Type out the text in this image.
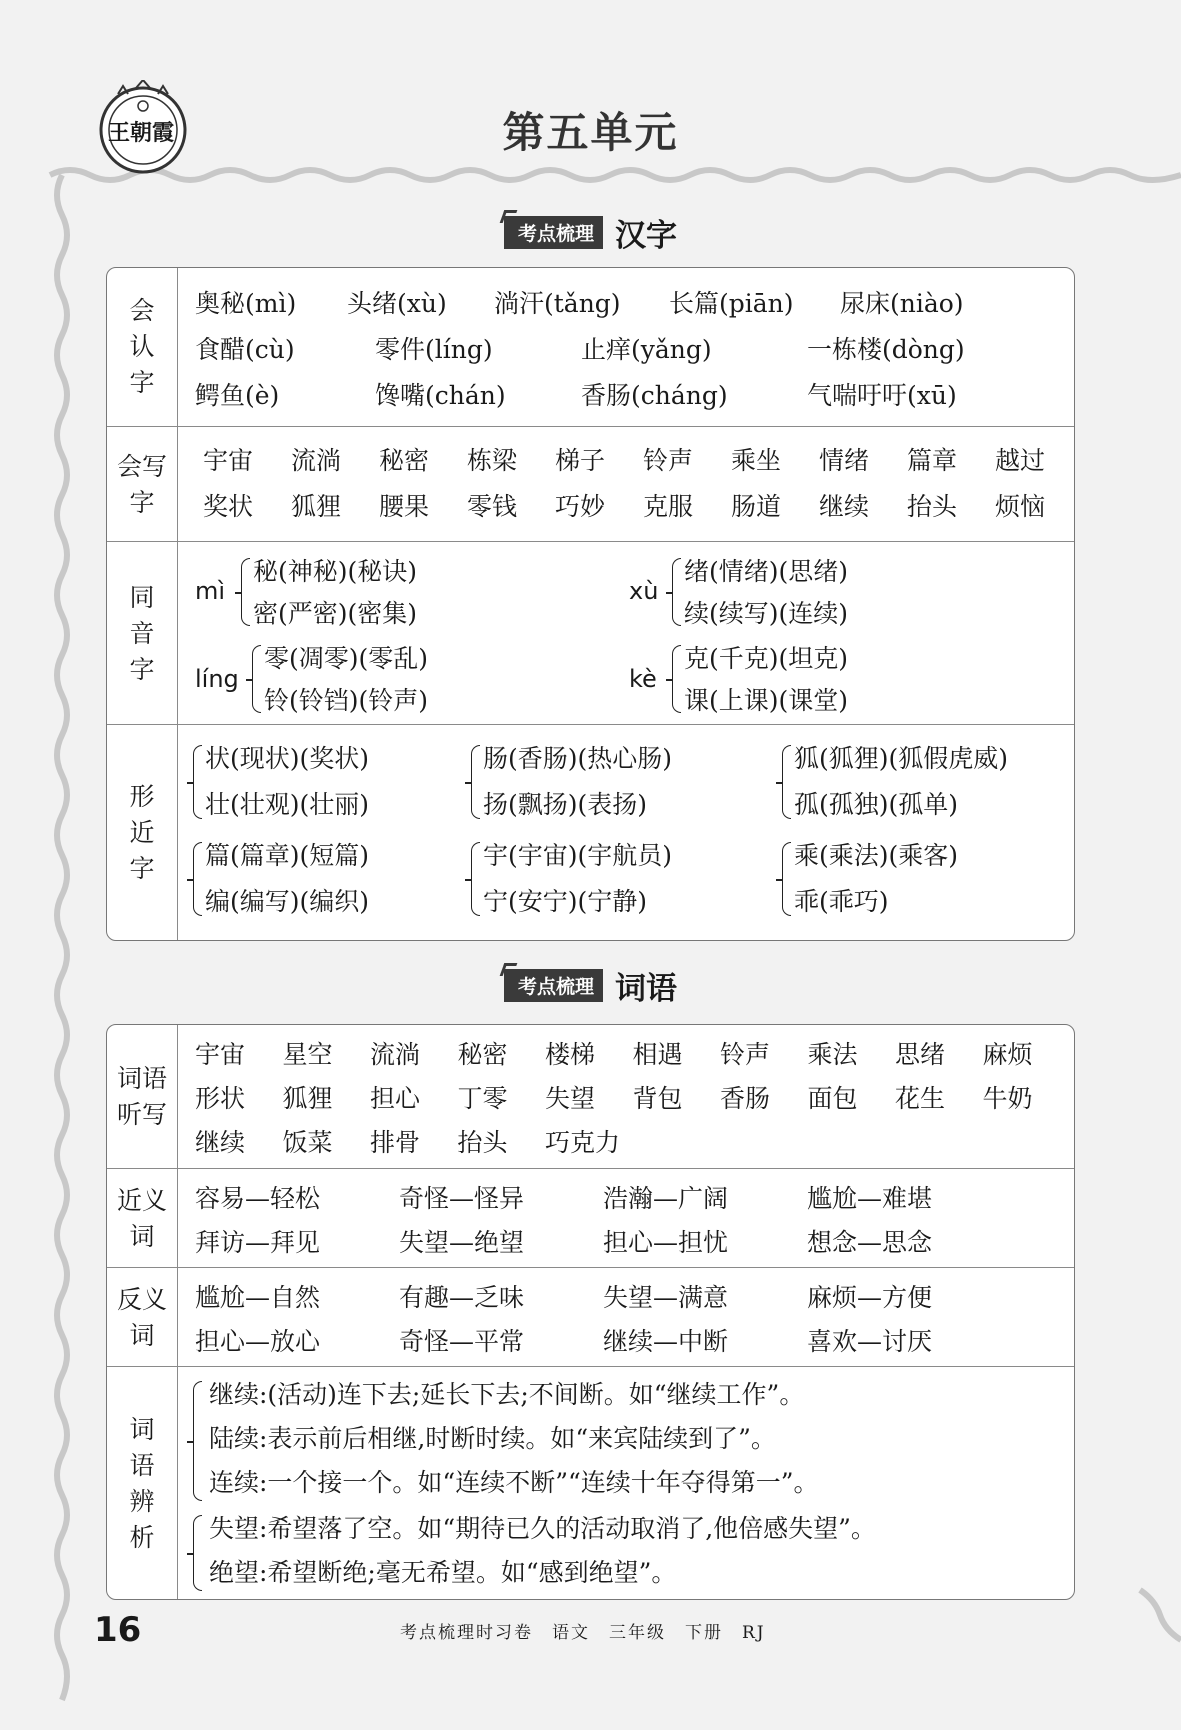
王朝霞	第五单元
考点梳理 汉字
会
认
字
奥秘(mì) 头绪(xù) 淌汗(tǎng) 长篇(piān) 尿床(niào)
食醋(cù)	零件(líng)	止痒(yǎng)	一栋楼(dòng)
鳄鱼(è)	馋嘴(chán)	香肠(cháng)	气喘吁吁(xū)
会写
字
宇宙 流淌 秘密 栋梁 梯子 铃声 乘坐 情绪 篇章 越过
奖状 狐狸 腰果 零钱 巧妙 克服 肠道 继续 抬头 烦恼
同
音
字
mì
秘(神秘)(秘诀)
密(严密)(密集)
xù
绪(情绪)(思绪)
续(续写)(连续)
líng
零(凋零)(零乱)
铃(铃铛)(铃声)
kè
克(千克)(坦克)
课(上课)(课堂)
形
近
字
状(现状)(奖状)
壮(壮观)(壮丽)
肠(香肠)(热心肠)
扬(飘扬)(表扬)
狐(狐狸)(狐假虎威)
孤(孤独)(孤单)
篇(篇章)(短篇)
编(编写)(编织)
宇(宇宙)(宇航员)
宁(安宁)(宁静)
乘(乘法)(乘客)
乖(乖巧)
考点梳理 词语
词语
听写
宇宙 星空 流淌 秘密 楼梯 相遇 铃声 乘法 思绪 麻烦
形状 狐狸 担心 丁零 失望 背包 香肠 面包 花生 牛奶
继续 饭菜 排骨 抬头 巧克力
近义
词
容易—轻松	奇怪—怪异	浩瀚—广阔	尴尬—难堪
拜访—拜见	失望—绝望	担心—担忧	想念—思念
反义
词
尴尬—自然	有趣—乏味	失望—满意	麻烦—方便
担心—放心	奇怪—平常	继续—中断	喜欢—讨厌
词
语
辨
析
继续:(活动)连下去;延长下去;不间断。如“继续工作”。
陆续:表示前后相继,时断时续。如“来宾陆续到了”。
连续:一个接一个。如“连续不断”“连续十年夺得第一”。
失望:希望落了空。如“期待已久的活动取消了,他倍感失望”。
绝望:希望断绝;毫无希望。如“感到绝望”。
16	考点梳理时习卷　语文　三年级　下册　RJ
